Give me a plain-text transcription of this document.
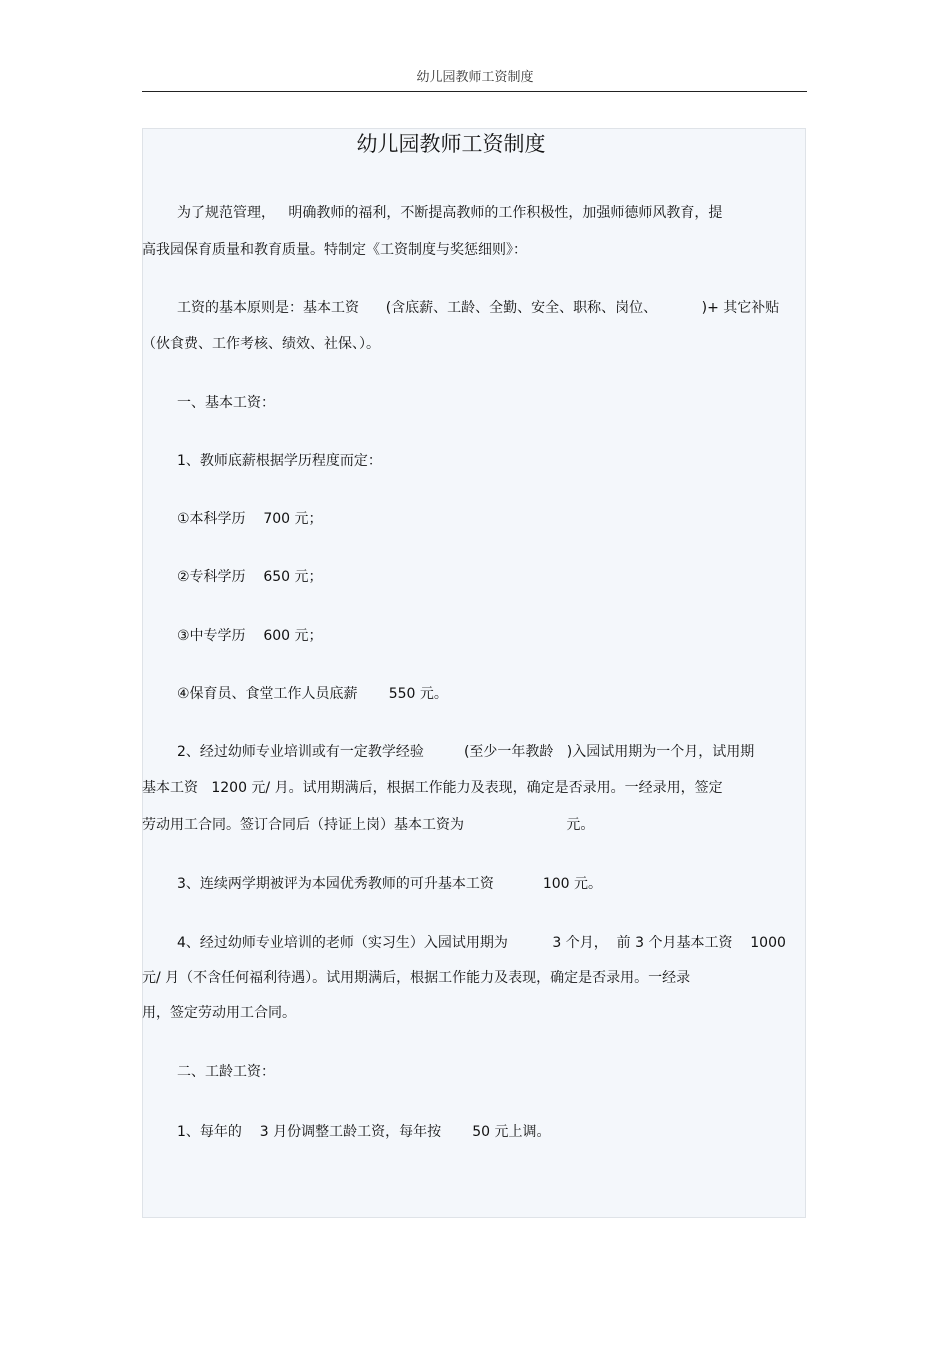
幼儿园教师工资制度
幼儿园教师工资制度
为了规范管理，   明确教师的福利，不断提高教师的工作积极性，加强师德师风教育，提
高我园保育质量和教育质量。特制定《工资制度与奖惩细则》：
工资的基本原则是：基本工资      (含底薪、工龄、全勤、安全、职称、岗位、          )+ 其它补贴
（伙食费、工作考核、绩效、社保、）。
一、基本工资：
1、教师底薪根据学历程度而定：
①本科学历    700 元；
②专科学历    650 元；
③中专学历    600 元；
④保育员、食堂工作人员底薪       550 元。
2、经过幼师专业培训或有一定教学经验         (至少一年教龄   )入园试用期为一个月，试用期
基本工资   1200 元/ 月。试用期满后，根据工作能力及表现，确定是否录用。一经录用，签定
劳动用工合同。签订合同后（持证上岗）基本工资为                       元。
3、连续两学期被评为本园优秀教师的可升基本工资           100 元。
4、经过幼师专业培训的老师（实习生）入园试用期为          3 个月，  前 3 个月基本工资    1000
元/ 月（不含任何福利待遇）。试用期满后，根据工作能力及表现，确定是否录用。一经录
用，签定劳动用工合同。
二、工龄工资：
1、每年的    3 月份调整工龄工资，每年按       50 元上调。
